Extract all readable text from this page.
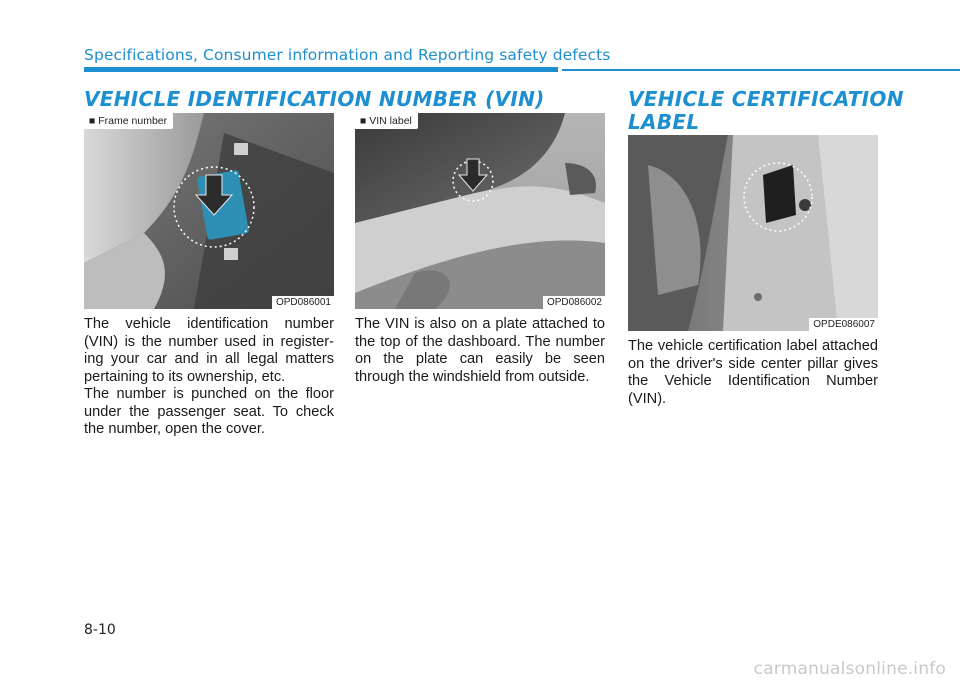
Specifications, Consumer information and Reporting safety defects
VEHICLE IDENTIFICATION NUMBER (VIN)
■ Frame number
OPD086001
■ VIN label
OPD086002

The vehicle identification number (VIN) is the number used in register-ing your car and in all legal matters pertaining to its ownership, etc.

The number is punched on the floor under the passenger seat. To check the number, open the cover.

The VIN is also on a plate attached to the top of the dashboard. The number on the plate can easily be seen through the windshield from outside.

VEHICLE CERTIFICATION
LABEL
OPDE086007

The vehicle certification label attached on the driver's side center pillar gives the Vehicle Identification Number (VIN).

8-10
carmanualsonline.info
